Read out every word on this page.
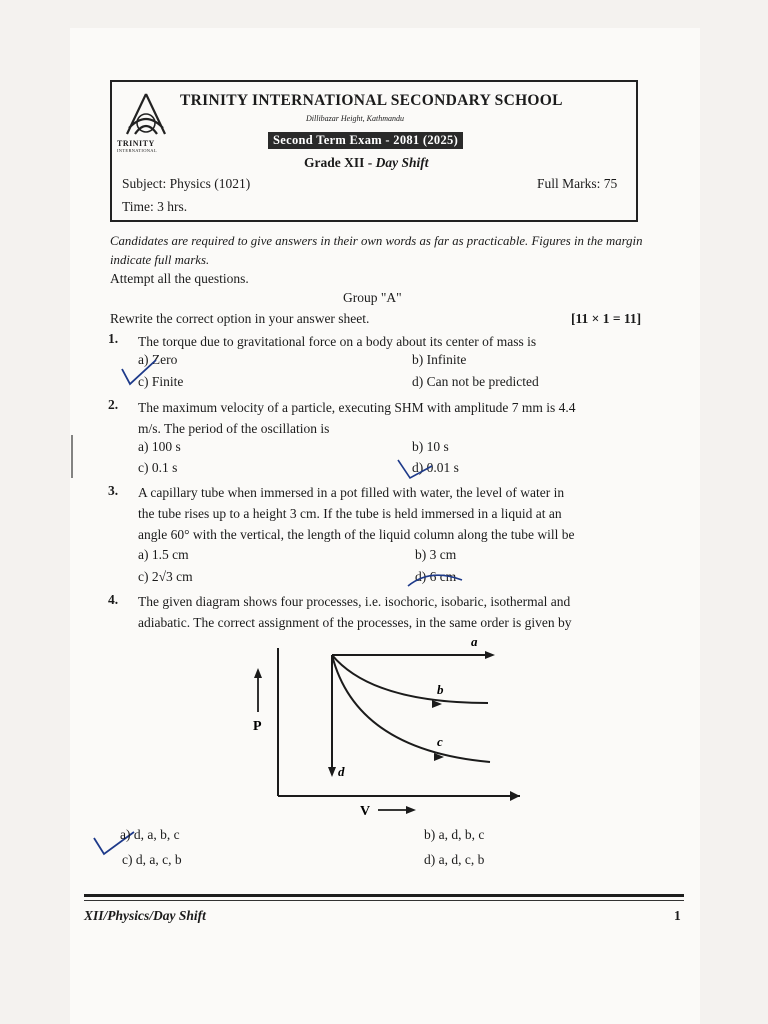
TRINITY
INTERNATIONAL
TRINITY INTERNATIONAL SECONDARY SCHOOL
Dillibazar Height, Kathmandu
Second Term Exam - 2081 (2025)
Grade XII - Day Shift
Subject: Physics (1021)	Full Marks: 75
Time: 3 hrs.
Candidates are required to give answers in their own words as far as practicable. Figures in the margin indicate full marks.
Attempt all the questions.
Group "A"
Rewrite the correct option in your answer sheet.	[11 × 1 = 11]
1. The torque due to gravitational force on a body about its center of mass is
a) Zero	b) Infinite
c) Finite	d) Can not be predicted
2. The maximum velocity of a particle, executing SHM with amplitude 7 mm is 4.4
m/s. The period of the oscillation is
a) 100 s	b) 10 s
c) 0.1 s	d) 0.01 s
3. A capillary tube when immersed in a pot filled with water, the level of water in
the tube rises up to a height 3 cm. If the tube is held immersed in a liquid at an
angle 60° with the vertical, the length of the liquid column along the tube will be
a) 1.5 cm	b) 3 cm
c) 2√3 cm	d) 6 cm
4. The given diagram shows four processes, i.e. isochoric, isobaric, isothermal and
adiabatic. The correct assignment of the processes, in the same order is given by
a
b
c
d
P
V
a) d, a, b, c	b) a, d, b, c
c) d, a, c, b	d) a, d, c, b
XII/Physics/Day Shift	1
